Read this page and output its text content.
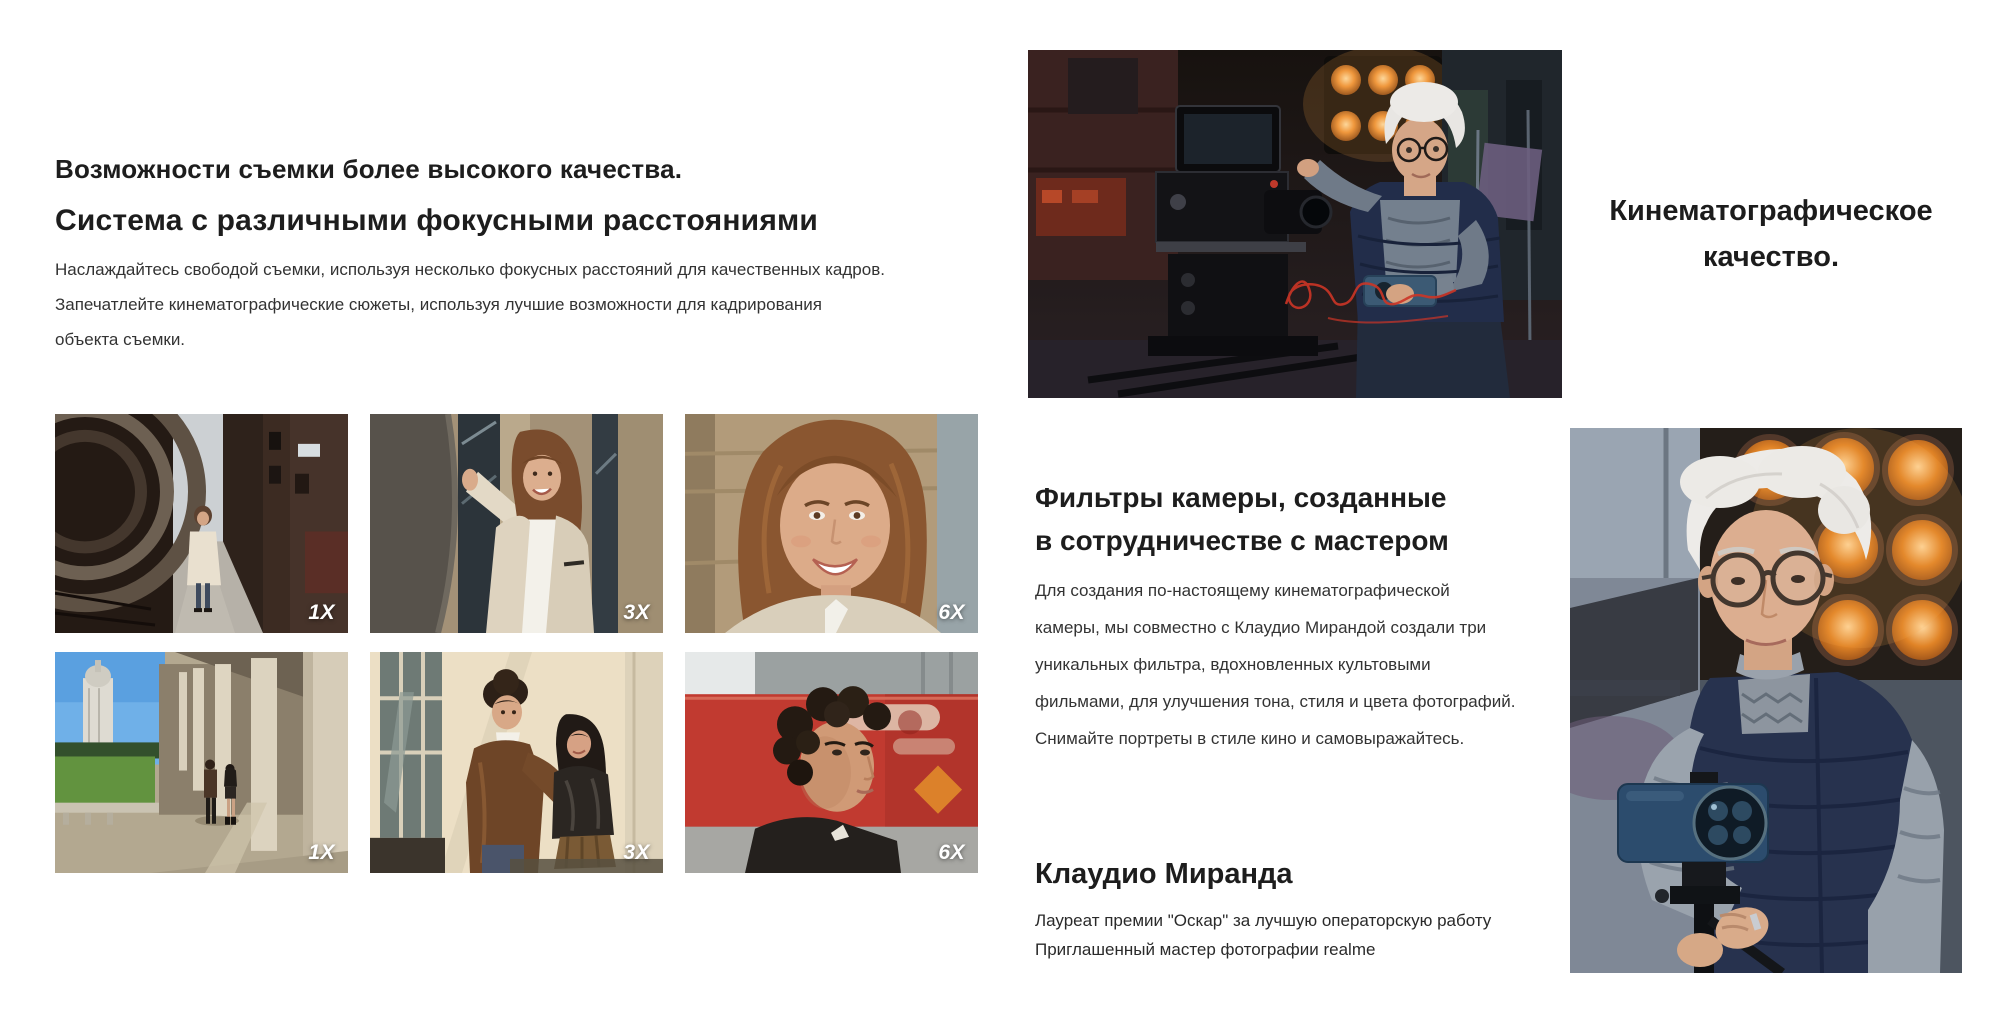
Возможности съемки более высокого качества.
Система с различными фокусными расстояниями
Наслаждайтесь свободой съемки, используя несколько фокусных расстояний для качественных кадров.
Запечатлейте кинематографические сюжеты, используя лучшие возможности для кадрирования
объекта съемки.
1X	3X	6X
1X	3X	6X
Кинематографическое
качество.
Фильтры камеры, созданные
в сотрудничестве с мастером
Для создания по-настоящему кинематографической
камеры, мы совместно с Клаудио Мирандой создали три
уникальных фильтра, вдохновленных культовыми
фильмами, для улучшения тона, стиля и цвета фотографий.
Снимайте портреты в стиле кино и самовыражайтесь.
Клаудио Миранда
Лауреат премии "Оскар" за лучшую операторскую работу
Приглашенный мастер фотографии realme
